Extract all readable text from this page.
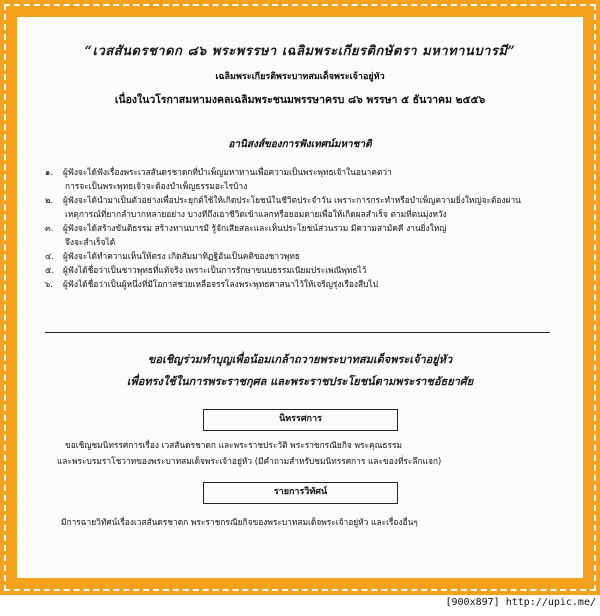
“เวสสันดรชาดก ๘๖ พระพรรษา เฉลิมพระเกียรติกษัตรา มหาทานบารมี”
เฉลิมพระเกียรติพระบาทสมเด็จพระเจ้าอยู่หัว
เนื่องในวโรกาสมหามงคลเฉลิมพระชนมพรรษาครบ ๘๖ พรรษา ๕ ธันวาคม ๒๕๕๖
อานิสงส์ของการฟังเทศน์มหาชาติ
๑. ผู้ฟังจะได้ฟังเรื่องพระเวสสันดรชาดกที่บำเพ็ญมหาทานเพื่อความเป็นพระพุทธเจ้าในอนาคตว่า
การจะเป็นพระพุทธเจ้าจะต้องบำเพ็ญธรรมอะไรบ้าง
๒. ผู้ฟังจะได้นำมาเป็นตัวอย่างเพื่อประยุกต์ใช้ให้เกิดประโยชน์ในชีวิตประจำวัน เพราะการกระทำหรือบำเพ็ญความยิ่งใหญ่จะต้องผ่าน
เหตุการณ์ที่ยากลำบากหลายอย่าง บางทีถึงเอาชีวิตเข้าแลกหรือยอมตายเพื่อให้เกิดผลสำเร็จ ตามที่ตนมุ่งหวัง
๓. ผู้ฟังจะได้สร้างขันติธรรม สร้างทานบารมี รู้จักเสียสละและเห็นประโยชน์ส่วนรวม มีความสามัคคี งานยิ่งใหญ่
จึงจะสำเร็จได้
๔. ผู้ฟังจะได้ทำความเห็นให้ตรง เกิดสัมมาทิฏฐิอันเป็นคติของชาวพุทธ
๕. ผู้ฟังได้ชื่อว่าเป็นชาวพุทธที่แท้จริง เพราะเป็นการรักษาขนบธรรมเนียมประเพณีพุทธไว้
๖. ผู้ฟังได้ชื่อว่าเป็นผู้หนึ่งที่มีโอกาสช่วยเหลือจรรโลงพระพุทธศาสนาไว้ให้เจริญรุ่งเรืองสืบไป
ขอเชิญร่วมทำบุญเพื่อน้อมเกล้าถวายพระบาทสมเด็จพระเจ้าอยู่หัว
เพื่อทรงใช้ในการพระราชกุศล และพระราชประโยชน์ตามพระราชอัธยาศัย
นิทรรศการ
ขอเชิญชมนิทรรศการเรื่อง เวสสันดรชาดก และพระราชประวัติ พระราชกรณียกิจ พระคุณธรรม
และพระบรมราโชวาทของพระบาทสมเด็จพระเจ้าอยู่หัว (มีคำถามสำหรับชมนิทรรศการ และของที่ระลึกแจก)
รายการวิทัศน์
มีการฉายวิทัศน์เรื่องเวสสันดรชาดก พระราชกรณียกิจของพระบาทสมเด็จพระเจ้าอยู่หัว และเรื่องอื่นๆ
[900x897] http://upic.me/
